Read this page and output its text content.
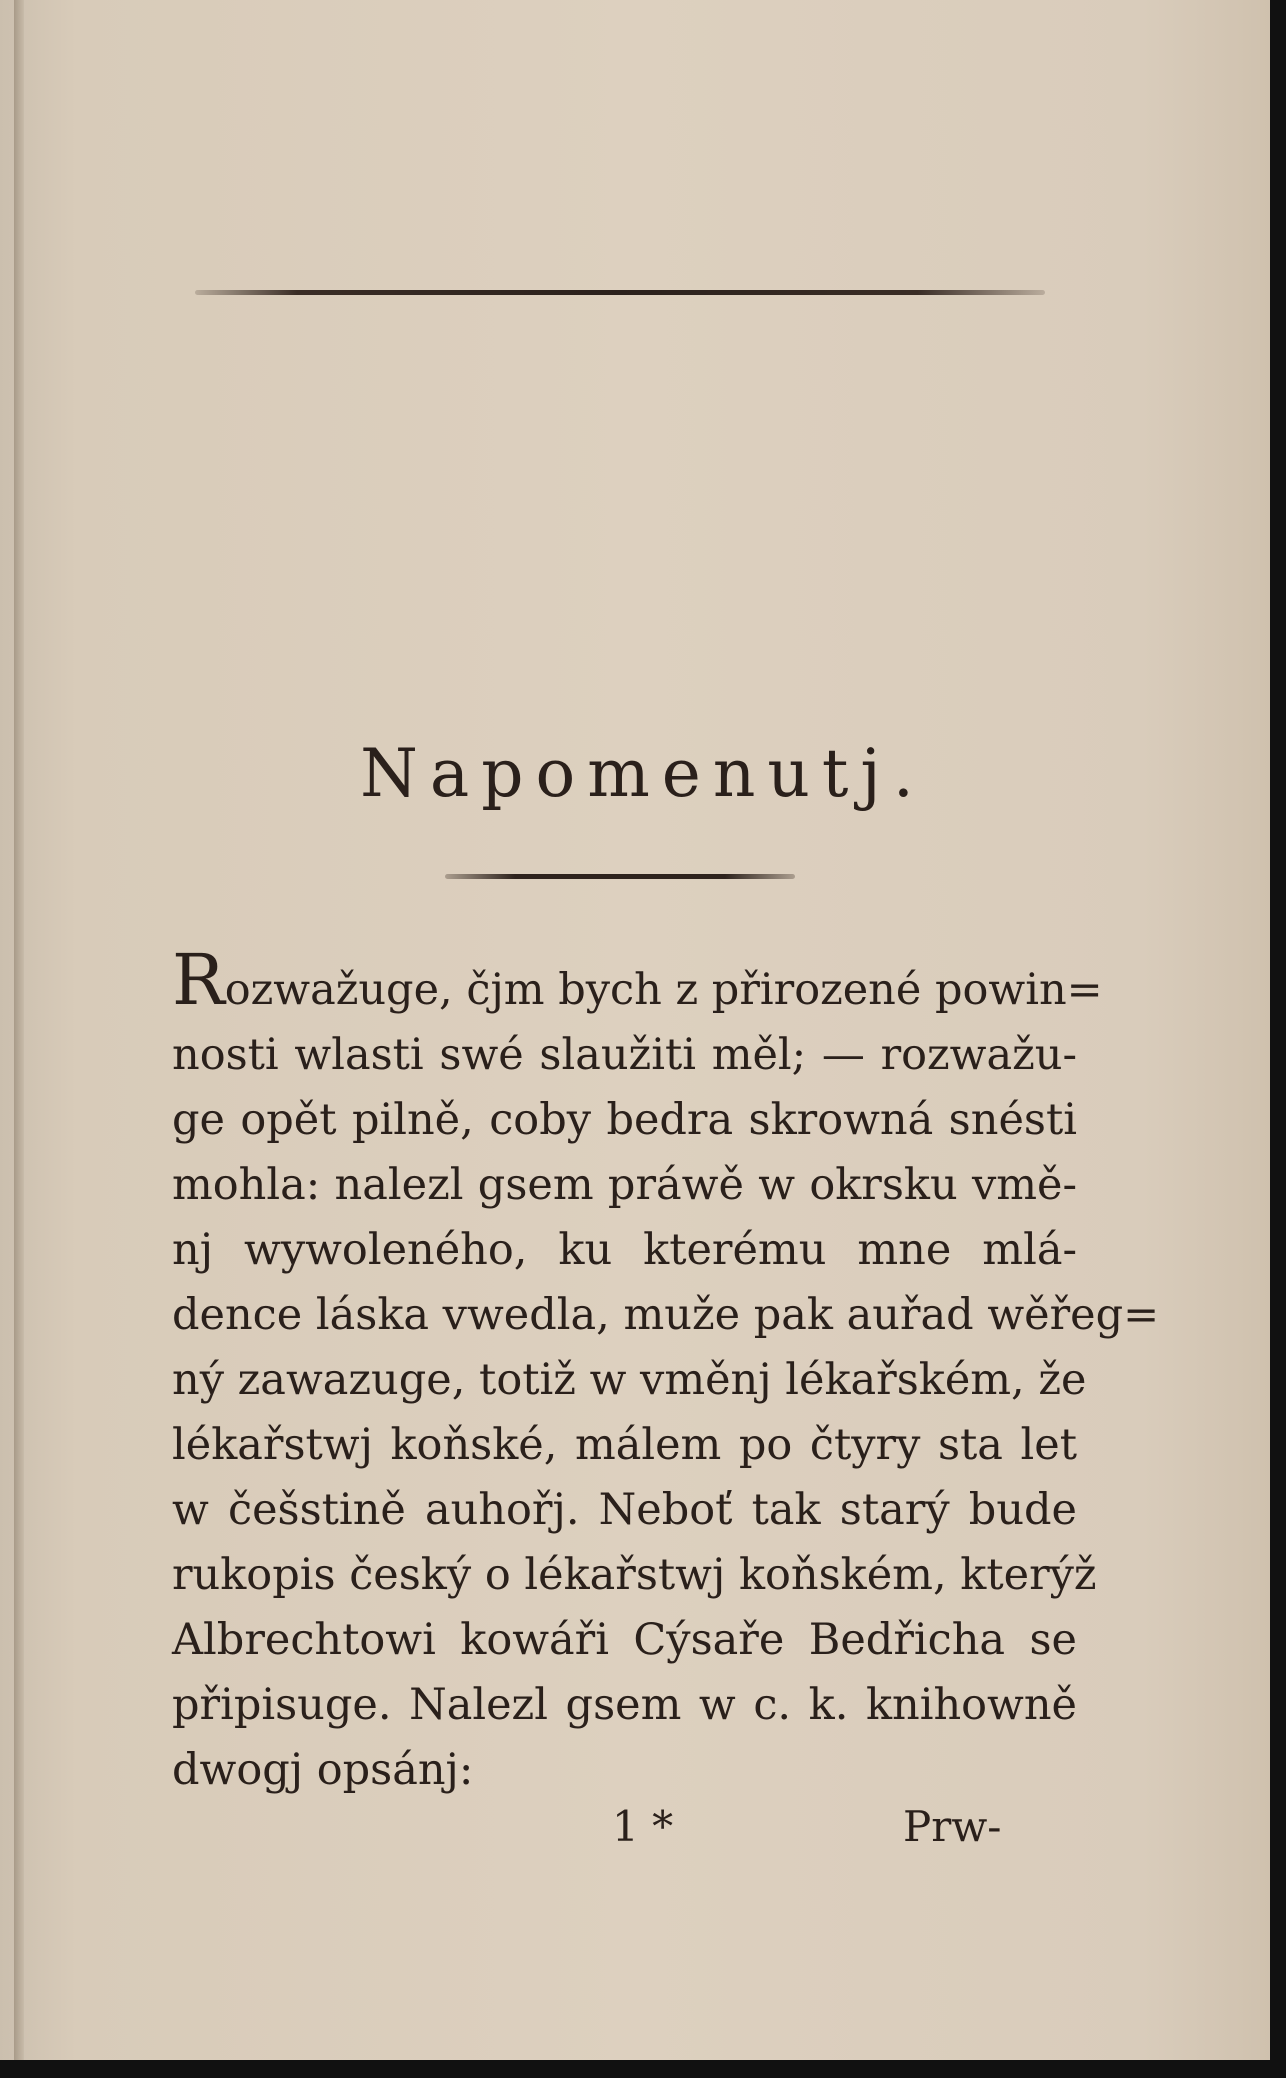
Napomenutj.
Rozwažuge, čjm bych z přirozené powin=
nosti wlasti swé slaužiti měl; — rozwažu-
ge opět pilně, coby bedra skrowná snésti
mohla: nalezl gsem práwě w okrsku vmě-
nj wywoleného, ku kterému mne mlá-
dence láska vwedla, muže pak auřad wěřeg=
ný zawazuge, totiž w vměnj lékařském, že
lékařstwj koňské, málem po čtyry sta let
w češstině auhořj. Neboť tak starý bude
rukopis český o lékařstwj koňském, kterýž
Albrechtowi kowáři Cýsaře Bedřicha se
připisuge. Nalezl gsem w c. k. knihowně
dwogj opsánj:
1 *	Prw-
